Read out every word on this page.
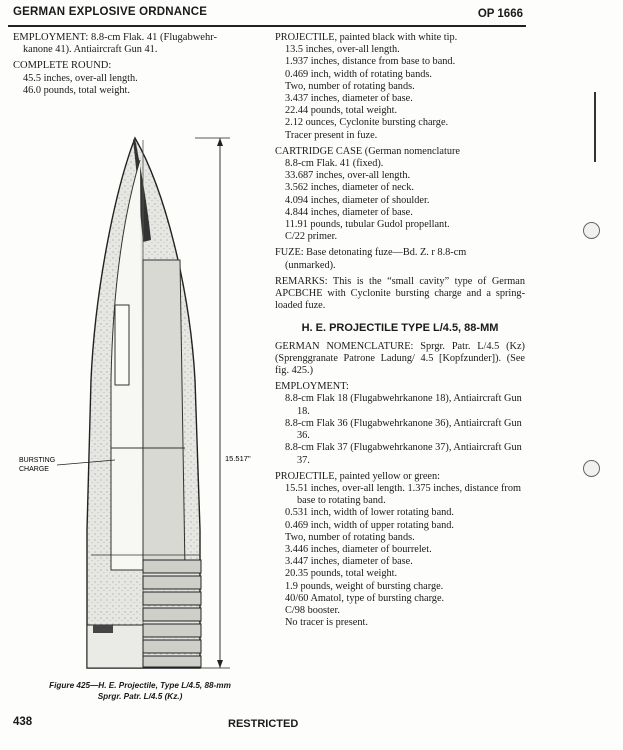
GERMAN EXPLOSIVE ORDNANCE	OP 1666

EMPLOYMENT: 8.8-cm Flak. 41 (Flugabwehr-

kanone 41). Antiaircraft Gun 41.

COMPLETE ROUND:

45.5 inches, over-all length.

46.0 pounds, total weight.

BURSTING
CHARGE
15.517"
Figure 425—H. E. Projectile, Type L/4.5, 88-mm
Sprgr. Patr. L/4.5 (Kz.)

PROJECTILE, painted black with white tip.

13.5 inches, over-all length.

1.937 inches, distance from base to band.

0.469 inch, width of rotating bands.

Two, number of rotating bands.

3.437 inches, diameter of base.

22.44 pounds, total weight.

2.12 ounces, Cyclonite bursting charge.

Tracer present in fuze.

CARTRIDGE CASE (German nomenclature

8.8-cm Flak. 41 (fixed).

33.687 inches, over-all length.

3.562 inches, diameter of neck.

4.094 inches, diameter of shoulder.

4.844 inches, diameter of base.

11.91 pounds, tubular Gudol propellant.

C/22 primer.

FUZE: Base detonating fuze—Bd. Z. r 8.8-cm

(unmarked).

REMARKS: This is the “small cavity” type of German APCBCHE with Cyclonite bursting charge and a spring-loaded fuze.

H. E. PROJECTILE TYPE L/4.5, 88-MM

GERMAN NOMENCLATURE: Sprgr. Patr. L/4.5 (Kz) (Sprenggranate Patrone Ladung/ 4.5 [Kopfzunder]). (See fig. 425.)

EMPLOYMENT:

8.8-cm Flak 18 (Flugabwehrkanone 18), Antiaircraft Gun 18.

8.8-cm Flak 36 (Flugabwehrkanone 36), Antiaircraft Gun 36.

8.8-cm Flak 37 (Flugabwehrkanone 37), Antiaircraft Gun 37.

PROJECTILE, painted yellow or green:

15.51 inches, over-all length. 1.375 inches, distance from base to rotating band.

0.531 inch, width of lower rotating band.

0.469 inch, width of upper rotating band.

Two, number of rotating bands.

3.446 inches, diameter of bourrelet.

3.447 inches, diameter of base.

20.35 pounds, total weight.

1.9 pounds, weight of bursting charge.

40/60 Amatol, type of bursting charge.

C/98 booster.

No tracer is present.

438	RESTRICTED
